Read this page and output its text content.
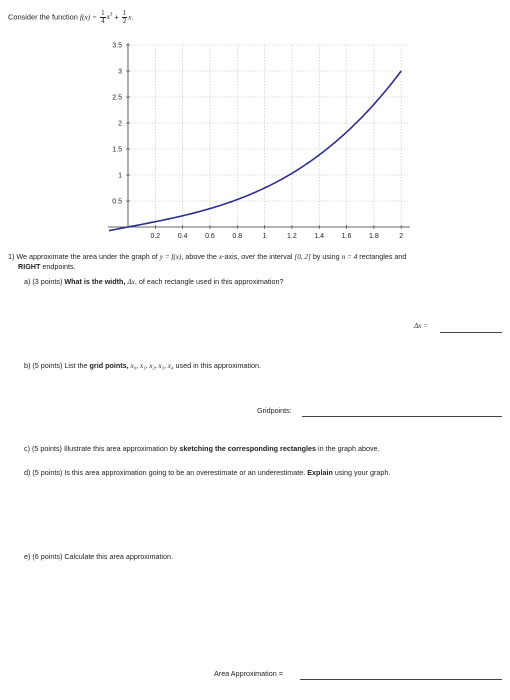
Consider the function $f(x) = \frac{1}{4} x^3 + \frac{1}{2} x$.
0.2	0.4	0.6	0.8	1	1.2	1.4	1.6	1.8	2
0.5
1
1.5
2
2.5
3
3.5
1) We approximate the area under the graph of y = f(x), above the x-axis, over the interval [0, 2] by using n = 4 rectangles and
RIGHT endpoints.
a) (3 points) What is the width, Δx, of each rectangle used in this approximation?
Δx =
b) (5 points) List the grid points, x₀, x₁, x₂, x₃, x₄ used in this approximation.
Gridpoints:
c) (5 points) Illustrate this area approximation by sketching the corresponding rectangles in the graph above.
d) (5 points) Is this area approximation going to be an overestimate or an underestimate. Explain using your graph.
e) (6 points) Calculate this area approximation.
Area Approximation =
